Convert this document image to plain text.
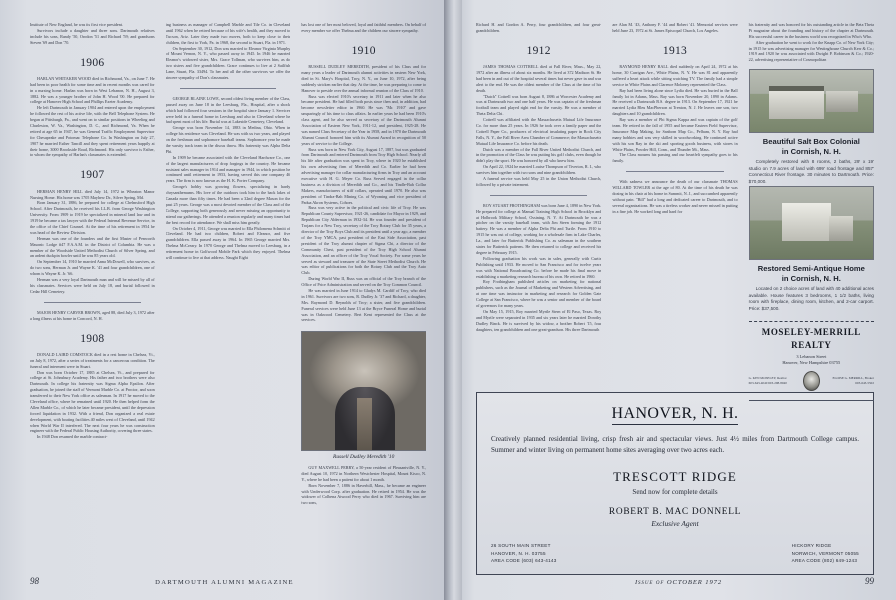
Institute of New England, he was its first vice president.

Survivors include a daughter and three sons. Dartmouth relatives include his sons, Randy '50, Orodon '51 and Richard '59; and grandsons Steven '69 and Don '70.

1906

HARLAN WHITAKER WOOD died in Richmond, Va., on June 7. He had been in poor health for some time and in recent months was cared for in a nursing home. Harlan was born in West Lebanon, N. H., August 3, 1882. He was a younger brother of John H. Wood '00. He prepared for college at Hanover High School and Phillips Exeter Academy.

He left Dartmouth in January 1904 and entered upon the employment he followed the rest of his active life, with the Bell Telephone System. He began at Pittsburgh, Pa., and went on to similar positions in Wheeling and Charleston, W. Va., Washington, D. C., and Richmond, Va. When he retired at age 65 in 1947, he was General Traffic Employment Supervisor for Chesapeake and Potomac Telephone Co. In Washington on July 27, 1907 he married Esther Tancill and they spent retirement years happily at their home, 3000 Brookside Road, Richmond. His only survivor is Esther, to whom the sympathy of Harlan's classmates is extended.

1907

HERMAN HENRY HILL died July 14, 1972 in Wheaton Manor Nursing Home. His home was 1705 Mayhew Dr., Silver Spring, Md.

Born January 31, 1886, he prepared for college at Chelmsford High School. After Dartmouth, he received his LL.B. from George Washington University. From 1909 to 1919 he specialized in mineral land law and in 1919 he became a tax lawyer with the Federal Internal Revenue Service, in the office of the Chief Counsel. At the time of his retirement in 1954 he was head of the Review Division.

Herman was one of the founders and the first Master of Penworth Masonic Lodge #47 F.A.A.M. in the District of Columbia. He was a member of the Woodside United Methodist Church of Silver Spring, and an ardent duckpin bowler until he was 85 years old.

On September 14, 1910 he married Anna McDowell, who survives, as do two sons, Herman Jr. and Wayne K. '41 and four grandchildren, one of whom is Wayne K. Jr. '66.

Herman was a very loyal Dartmouth man and will be missed by all of his classmates. Services were held on July 18, and burial followed in Cedar Hill Cemetery.

MAJOR HENRY CARVER BROWN, aged 88, died July 3, 1972 after a long illness at his home in Concord, N. H.

1908

DONALD LAIRD COMSTOCK died in a rest home in Chelsea, Vt., on July 8, 1972, after a series of treatments for a cancerous condition. The funeral and interment were in Stuart.

Don was born October 17, 1885 at Chelsea, Vt., and prepared for college at St. Johnsbury Academy. His father and two brothers were also Dartmouth. In college his fraternity was Sigma Alpha Epsilon. After graduation, he joined the staff of Vermont Marble Co. at Proctor, and soon transferred to their New York office as salesman. In 1917 he moved to the Cleveland office, where he remained until 1920. He then helped form the Allen Marble Co., of which he later became president, until the depression forced liquidation in 1932. With a friend, Don organized a real estate development, with boating facilities 40 miles west of Cleveland, until 1942 when World War II interfered. The next four years he was construction engineer with the Federal Public Housing Authority, covering three states.

In 1948 Don resumed the marble contract-

ing business as manager of Campbell Marble and Tile Co. in Cleveland until 1962 when he retired because of his wife's health, and they moved to Tucson, Ariz. Later they made two moves, both to keep close to their children, the first to York, Pa. in 1968, the second to Stuart, Fla. in 1971.

On September 30, 1912, Don was married to Eleanor Virginia Murphy of Mount Vernon, N. Y., who passed away in 1945. In 1946 he married Eleanor's widowed sister, Mrs. Grace Tollman, who survives him, as do two sisters and five grandchildren. Grace continues to live at 2 Sailfish Lane, Stuart, Fla. 33494. To her and all the other survivors we offer the sincere sympathy of Don's classmates.

GEORGE BLAINE LOWE, second oldest living member of the Class, passed away on June 18 in the Leesburg, Fla., Hospital, after a shock which had followed four sessions in the hospital since January 1. Services were held in a funeral home in Leesburg and also in Cleveland where he had spent most of his life. Burial was at Lakeside Cemetery, Cleveland.

George was born November 14, 1883 in Medina, Ohio. When in college his residence was Cleveland. He was with us two years, and played on the freshman and sophomore baseball teams. Sophomore year he made the varsity track team in the discus throw. His fraternity was Alpha Delta Phi.

In 1909 he became associated with the Cleveland Hardware Co., one of the largest manufacturers of drop forgings in the country. He became assistant sales manager in 1914 and manager in 1944, in which position he continued until retirement in 1953, having served this one company 46 years. The firm is now known as the H. K. Porter Company.

George's hobby was growing flowers, specializing in hardy chrysanthemums. His love of the outdoors took him to the back lakes of Canada more than fifty times. He had been a 32nd degree Mason for the past 25 years. George was a most devoted member of the Class and of the College, supporting both generously and never missing an opportunity to attend our gatherings. He attended a reunion regularly and many times had the best record for attendance. We shall miss him greatly.

On October 4, 1911, George was married to Ella Philomena Schmitt of Cleveland. He had two children, Robert and Eleanor, and five grandchildren. Ella passed away in 1964. In 1965 George married Mrs. Thelma McCreary. In 1970 George and Thelma moved to Leesburg, in a retirement home in Golfwood Mobile Park which they enjoyed. Thelma will continue to live at that address. Naught Eight

has lost one of her most beloved, loyal and faithful members. On behalf of every member we offer Thelma and the children our sincere sympathy.

1910

RUSSELL DUDLEY MEREDITH, president of his Class and for many years a leader of Dartmouth alumni activities in eastern New York, died in St. Mary's Hospital, Troy, N. Y., on June 10, 1972, after being suddenly stricken earlier that day. At the time, he was preparing to come to Hanover to preside over the annual informal reunion of the Class of 1910.

Russ was elected 1910's secretary in 1911 and later when he also became president. He had filled both posts since then and, in addition, had become newsletter editor in 1960. He was "Mr. 1910" and gave unsparingly of his time to class affairs. In earlier years he had been 1910's class agent, and he also served as secretary of the Dartmouth Alumni Association of Eastern New York, 1911-12, and president, 1925-28. He was named Class Secretary of the Year in 1958, and in 1970 the Dartmouth Alumni Council honored him with its Alumni Award in recognition of 50 years of service to the College.

Russ was born in New York City, August 17, 1887, but was graduated from Dartmouth and entered Dartmouth from Troy High School. Nearly all his life after graduation was spent in Troy, where in 1920 he established his own advertising firm of Meredith and Co. Earlier he had been advertising manager for collar manufacturing firms in Troy and an account executive with H. G. Meyer Co. Russ Served engaged in the collar business as a division of Meredith and Co., and his Tindle-Bah Collar Makers, manufacturers of stiff collars, operated until 1970. He also was president of Tindra-Bah Mining Co. of Wyoming and vice president of Padua Akron Systems, Cohoes.

Russ was very active in the political and civic life of Troy. He was Republican County Supervisor, 1921-26, candidate for Mayor in 1929, and Republican City Alderman in 1932-34. He was founder and president of Trojans for a New Troy, secretary of the Troy Rotary Club for 35 years, a director of the Troy Boys Club and its president until a year ago, a member of the Troy YMCA, past president of the East Side Association, past president of the Troy alumni chapter of Sigma Chi, a director of the Community Chest, past president of the Troy High School Alumni Association, and an officer of the Troy Vocal Society. For some years he served as steward and treasurer of the State Street Methodist Church. He was editor of publications for both the Rotary Club and the Troy Auto Club.

During World War II, Russ was an official of the Troy branch of the Office of Price Administration and served on the Troy Common Council.

He was married in June 1914 to Gladys M. Cardiff of Troy, who died in 1961. Survivors are two sons, R. Dudley Jr. '37 and Richard, a daughter, Mrs. Raymond D. Reynolds of Troy; a sister, and five grandchildren. Funeral services were held June 13 at the Bryce Funeral Home and burial was in Oakwood Cemetery. Bert Kent represented the Class at the services.

Russell Dudley Meredith '10

GUY MAXWELL PERRY, a 50-year resident of Pleasantville, N. Y., died August 10, 1972 in Northern Westchester Hospital, Mount Kisco, N. Y., where he had been a patient for about 1 month.

Born November 7, 1886 in Haverhill, Mass., he became an engineer with Underwood Corp. after graduation. He retired in 1954. He was the widower of Colbena Atwood Perry who died in 1967. Surviving him are two sons,

98	DARTMOUTH ALUMNI MAGAZINE

Richard H. and Gordon A. Perry, four grandchildren, and four great-grandchildren.

1912

JAMES THOMAS COTTRELL died at Fall River, Mass., May 22, 1972 after an illness of about six months. He lived at 372 Madison St. He had been in and out of the hospital several times but never gave in and was alert to the end. He was the oldest member of the Class at the time of his death.

"Dutch" Cottrell was born August 8, 1886 at Worcester Academy and was at Dartmouth two and one half years. He was captain of the freshman football team and played right end for the varsity. He was a member of Theta Delta Chi.

Cottrell was affiliated with the Massachusetts Mutual Life Insurance Co. for more than 25 years. In 1926 he took over a family paper and the Cottrell Paper Co., producers of electrical insulating paper in Rock City Falls, N. Y., the Fall River Area Chamber of Commerce; the Massachusetts Mutual Life Insurance Co. before his death.

Dutch was a member of the Fall River United Methodist Church, and in the promotion of the Class he was putting his golf clubs, even though he didn't play the sport. He was honored by all who knew him.

On April 22, 1924 he married Louise Thompson of Tiverton, R. I., who survives him together with two sons and nine grandchildren.

A funeral service was held May 25 in the Union Methodist Church, followed by a private interment.

ROY STUART FROTHINGHAM was born June 4, 1890 in New York. He prepared for college at Manual Training High School in Brooklyn and at Holbrook Military School, Ossining, N. Y. At Dartmouth he was a pitcher on the varsity baseball team, with Jim Steen forming the 1912 battery. He was a member of Alpha Delta Phi and Turtle. From 1910 to 1915 he was out of college, working for a wholesale firm in Lake Charles, La., and later for Butterick Publishing Co. as salesman in the southern states for Butterick patterns. He then returned to college and received his degree in February 1915.

Following graduation his work was in sales, generally with Curtis Publishing until 1933. He moved to San Francisco and for twelve years was with National Broadcasting Co. before he made his final move in establishing a marketing research bureau of his own. He retired in 1960.

Roy Frothingham published articles on marketing for national publishers, such as the Journal of Marketing and Western Advertising, and at one time was instructor in marketing and research for Golden Gate College at San Francisco, where he was a senior and member of the board of governors for many years.

On May 15, 1915, Roy married Myrtle Stern of El Paso, Texas. Roy and Myrtle were separated in 1935 and six years later he married Dorothy Dudley Binck. He is survived by his widow, a brother Robert '15, four daughters, ten grandchildren and one great-grandson. His three Dartmouth

are Alan M. '43, Anthony F. '44 and Robert '41. Memorial services were held June 23, 1972 at St. James Episcopal Church, Los Angeles.

1913

RAYMOND HENRY BALL died suddenly on April 24, 1972 at his home, 30 Carrigan Ave., White Plains, N. Y. He was 81 and apparently suffered a heart attack while sitting watching TV. The family had a simple service in White Plains and Clarence Moloney represented the Class.

Ray had been living alone since Lydia died. He was buried in the Ball family lot in Adams, Mass. Ray was born November 20, 1890 in Adams. He received a Dartmouth B.S. degree in 1913. On September 17, 1921 he married Lydia Bleu MacPherson at Trenton, N. J. He leaves one son, two daughters and 10 grandchildren.

Ray was a member of Phi Sigma Kappa and was captain of the golf team. He retired in the fall of 1955 and became Eastern Field Supervisor, Insurance Map Making, for Sanborn Map Co., Pelham, N. Y. Ray had many hobbies and was very skilled in woodworking. He continued active with his son Ray in the ski and sporting goods business, with stores in White Plains, Powder Hill, Conn., and Thunder Mt., Mass.

The Class mourns his passing and our heartfelt sympathy goes to his family.

With sadness we announce the death of our classmate THOMAS WILLARD TOWLER at the age of 80. At the time of his death he was dozing in his chair at his home in Summit, N. J., and succumbed apparently without pain. "Bill" had a long and dedicated career to Dartmouth, and to several organizations. He was a tireless worker and never missed in putting in a fine job. He worked long and hard for

his fraternity and was honored for his outstanding article in the Beta Theta Pi magazine about the founding and history of the chapter at Dartmouth. His successful career in the business world was recognized in Who's Who.

After graduation he went to work for the Knapp Co. of New York City; in 1915 he was advertising manager for Westinghouse Church Kerr & Co.; 1919 and 1920 he was associated with Dwight P. Robinson & Co.; 1920-22, advertising representative of Cosmopolitan

Beautiful Salt Box Colonial
in Cornish, N. H.

Completely restored with 8 rooms, 2 baths, 29' x 19' studio on 7.9 acres of land with 699' road frontage and 857' Connecticut River frontage. 30 minutes to Dartmouth. Price: $70,000.

Restored Semi-Antique Home
in Cornish, N. H.

Located on 2 choice acres of land with 40 additional acres available. House features 3 bedrooms, 1 1/2 baths, living room with fireplace, dining room, kitchen, and 2-car carport. Price: $37,500.

MOSELEY-MERRILL REALTY
3 Lebanon Street
Hanover, New Hampshire 03755
G. KEN MOSELEY, Realtor 603-643-4040 603-298-8040
ELOISE G. MERRILL, Broker 603-643-5502
HANOVER, N. H.

Creatively planned residential living, crisp fresh air and spectacular views. Just 4½ miles from Dartmouth College campus. Summer and winter living on permanent home sites averaging over two acres each.

TRESCOTT RIDGE
Send now for complete details
ROBERT B. MAC DONNELL
Exclusive Agent
26 SOUTH MAIN STREET
HANOVER, N. H. 03755
AREA CODE (603) 643-4143
HICKORY RIDGE
NORWICH, VERMONT 05055
AREA CODE (802) 649-1243
Issue of OCTOBER 1972	99
